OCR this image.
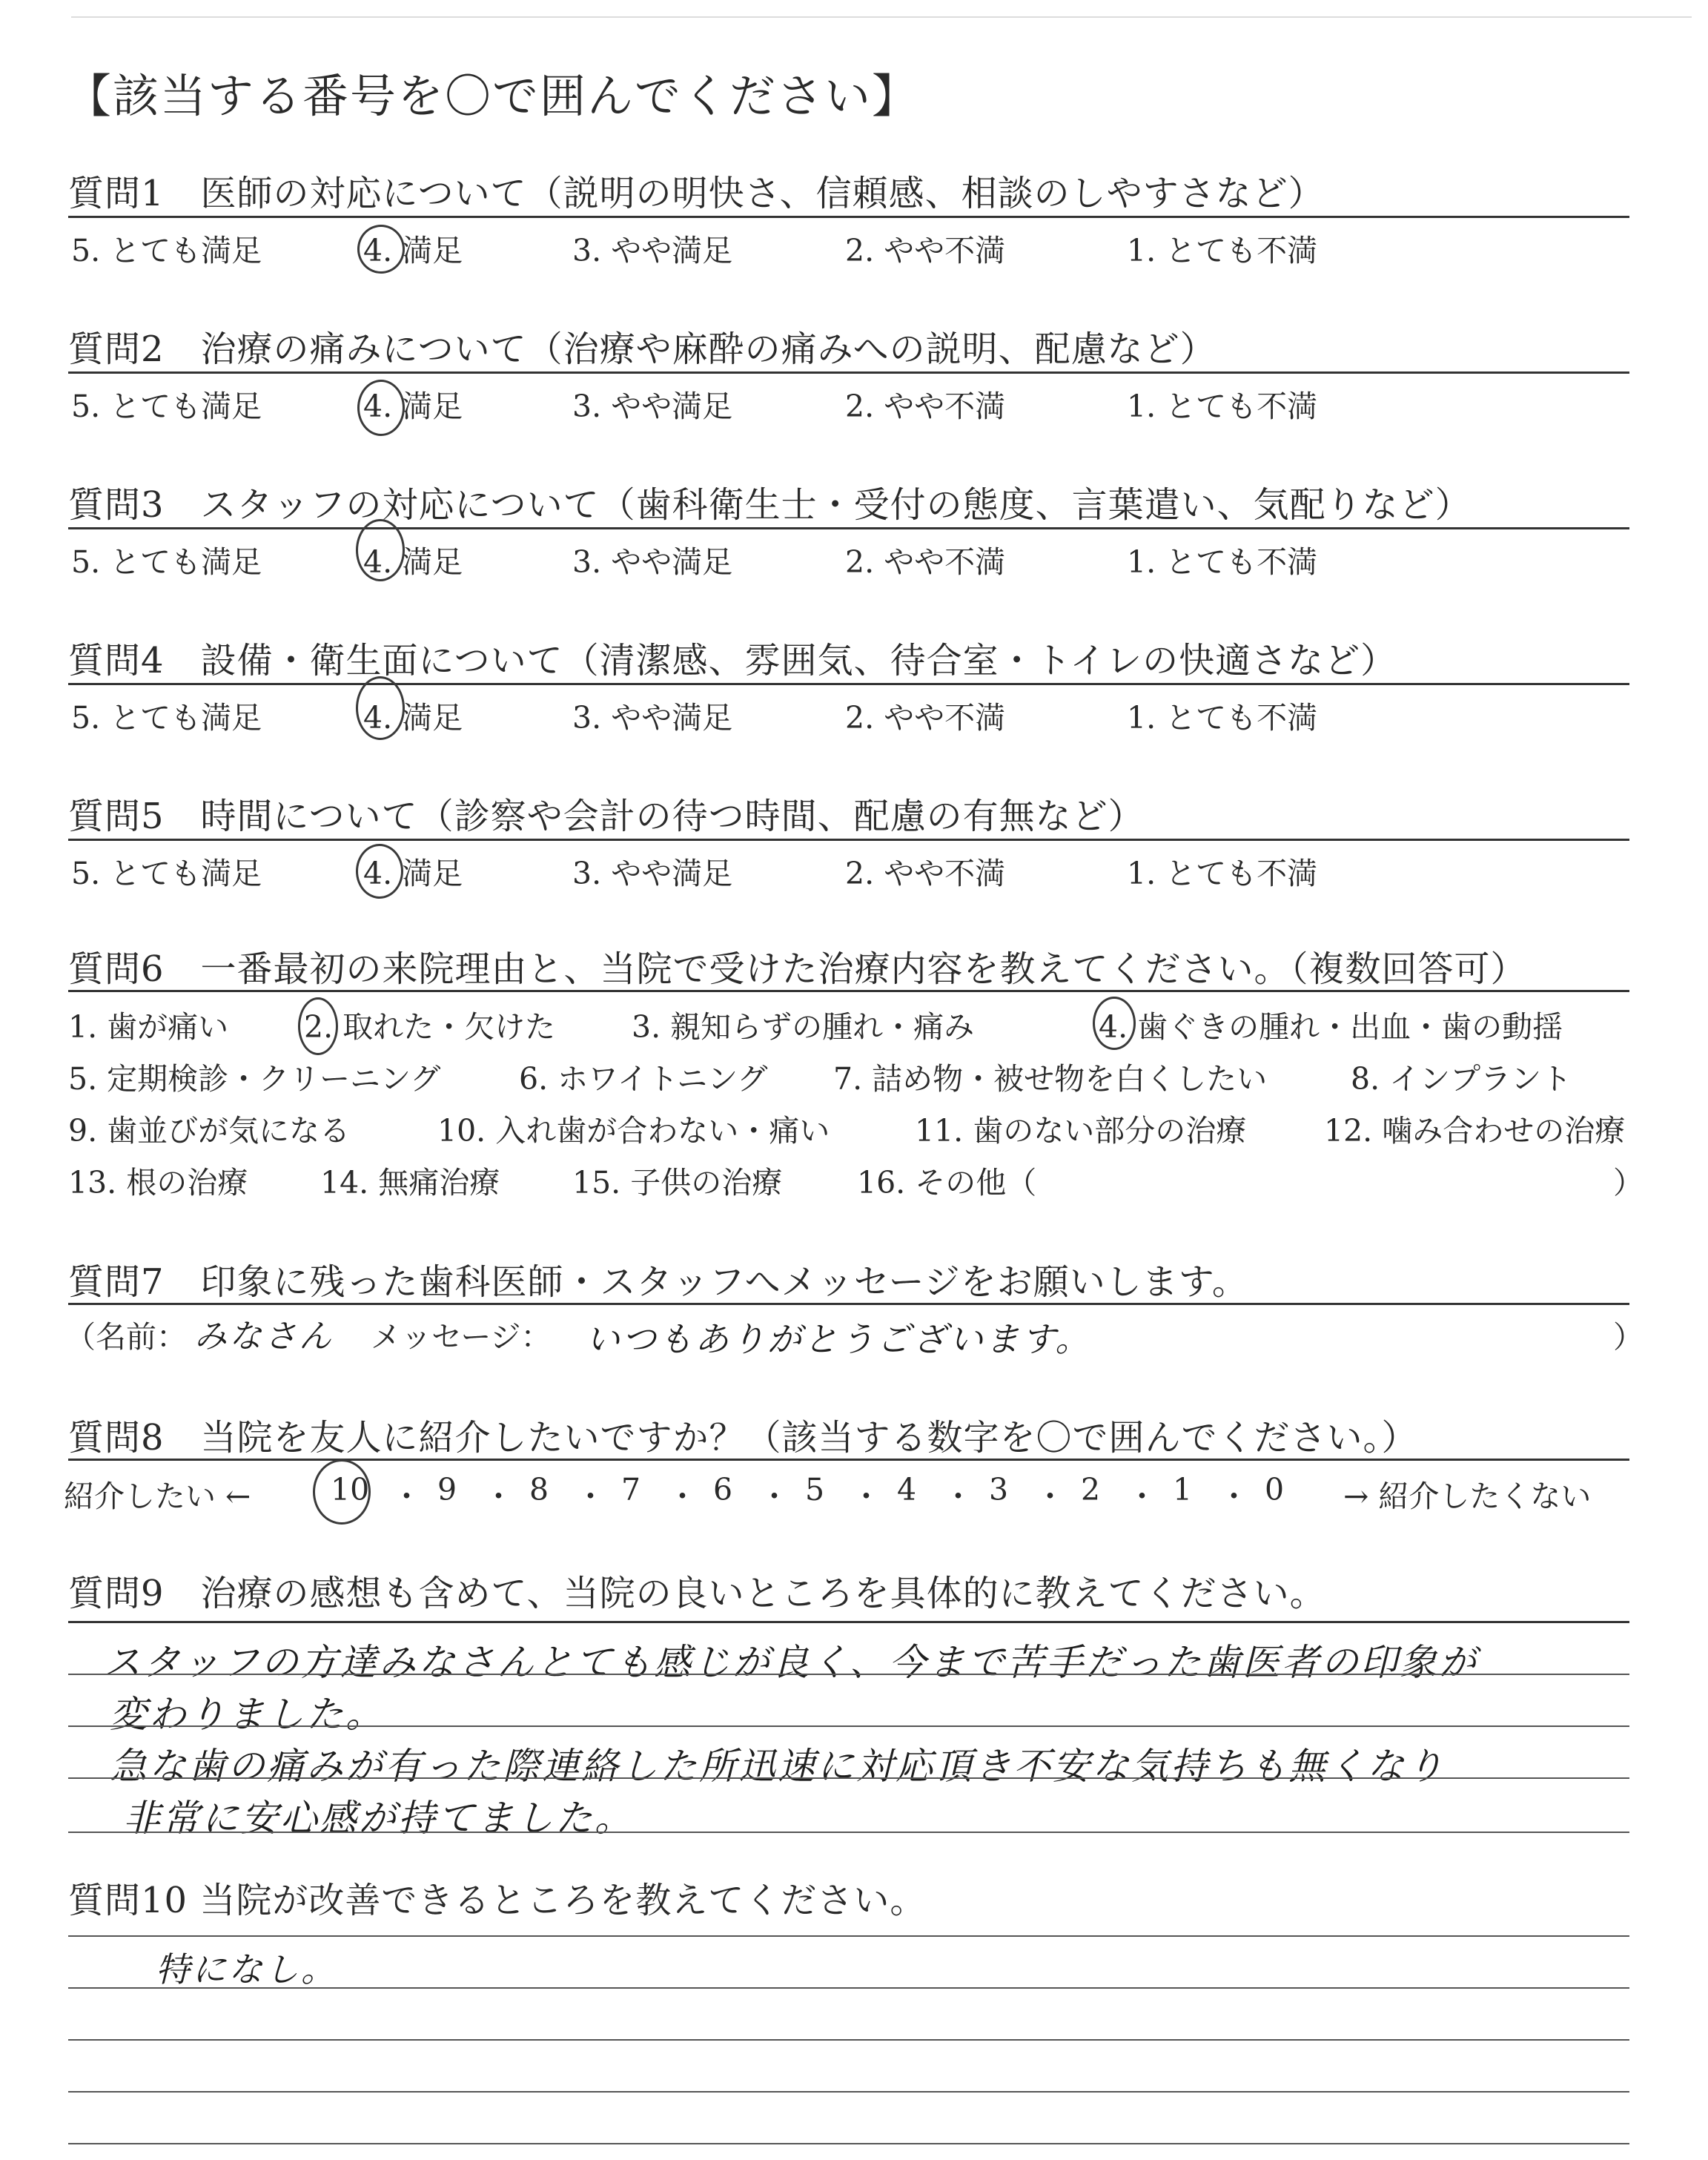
【該当する番号を〇で囲んでください】
質問1　医師の対応について（説明の明快さ、信頼感、相談のしやすさなど）
5. とても満足	4. 満足	3. やや満足	2. やや不満	1. とても不満
質問2　治療の痛みについて（治療や麻酔の痛みへの説明、配慮など）
5. とても満足	4. 満足	3. やや満足	2. やや不満	1. とても不満
質問3　スタッフの対応について（歯科衛生士・受付の態度、言葉遣い、気配りなど）
5. とても満足	4. 満足	3. やや満足	2. やや不満	1. とても不満
質問4　設備・衛生面について（清潔感、雰囲気、待合室・トイレの快適さなど）
5. とても満足	4. 満足	3. やや満足	2. やや不満	1. とても不満
質問5　時間について（診察や会計の待つ時間、配慮の有無など）
5. とても満足	4. 満足	3. やや満足	2. やや不満	1. とても不満
質問6　一番最初の来院理由と、当院で受けた治療内容を教えてください。（複数回答可）
1. 歯が痛い 2. 取れた・欠けた	3. 親知らずの腫れ・痛み	4. 歯ぐきの腫れ・出血・歯の動揺
5. 定期検診・クリーニング	6. ホワイトニング 7. 詰め物・被せ物を白くしたい	8. インプラント
9. 歯並びが気になる	10. 入れ歯が合わない・痛い	11. 歯のない部分の治療	12. 噛み合わせの治療
13. 根の治療 14. 無痛治療 15. 子供の治療 16. その他（	）
質問7　印象に残った歯科医師・スタッフへメッセージをお願いします。
（名前： みなさん メッセージ： いつもありがとうございます。	）
質問8　当院を友人に紹介したいですか？（該当する数字を〇で囲んでください。）
紹介したい ←	10 ・ 9 ・ 8 ・ 7 ・ 6 ・ 5 ・ 4 ・ 3 ・ 2 ・ 1 ・ 0 → 紹介したくない
質問9　治療の感想も含めて、当院の良いところを具体的に教えてください。
スタッフの方達みなさんとても感じが良く、今まで苦手だった歯医者の印象が
変わりました。
急な歯の痛みが有った際連絡した所迅速に対応頂き不安な気持ちも無くなり
非常に安心感が持てました。
質問10 当院が改善できるところを教えてください。
特になし。
